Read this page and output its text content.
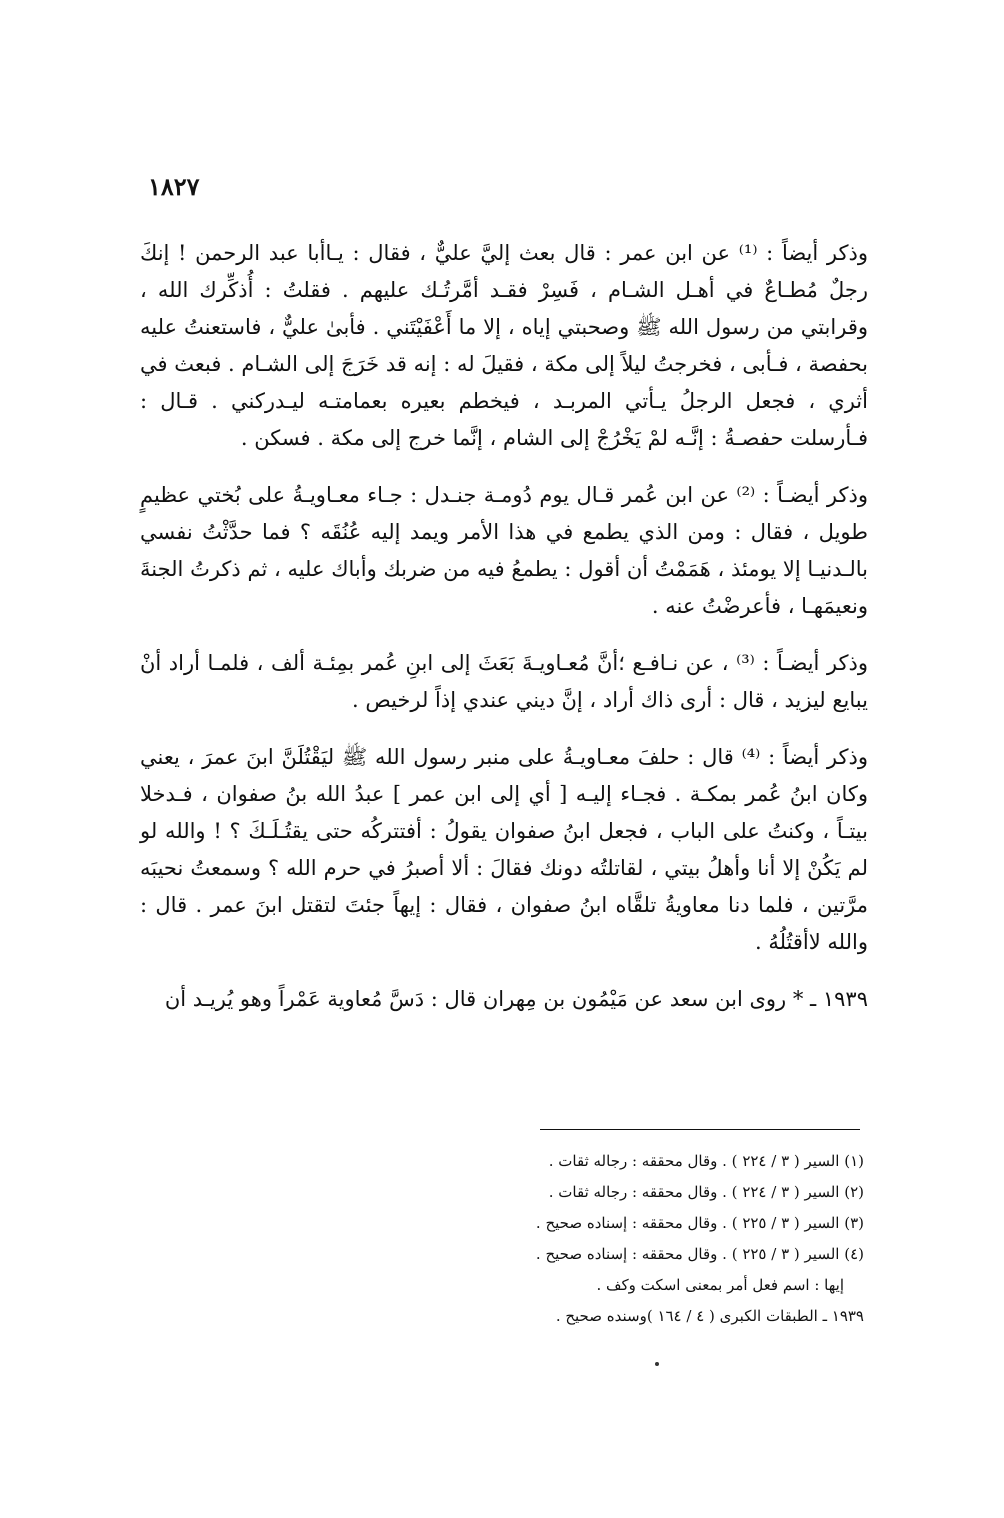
١٨٢٧

وذكر أيضاً : ⁽¹⁾ عن ابن عمر : قال بعث إليَّ عليٌّ ، فقال : يـاأبا عبد الرحمن ! إنكَ رجلٌ مُطـاعٌ في أهـل الشـام ، فَسِرْ فقـد أمَّرتُـك عليهم . فقلتُ : أُذكِّرك الله ، وقرابتي من رسول الله ﷺ وصحبتي إياه ، إلا ما أَعْفَيْتَني . فأبىٰ عليٌّ ، فاستعنتُ عليه بحفصة ، فـأبى ، فخرجتُ ليلاً إلى مكة ، فقيلَ له : إنه قد خَرَجَ إلى الشـام . فبعث في أثري ، فجعل الرجلُ يـأتي المربـد ، فيخطم بعيره بعمامتـه ليـدركني . قـال : فـأرسلت حفصـةُ : إنَّـه لمْ يَخْرُجْ إلى الشام ، إنَّما خرج إلى مكة . فسكن .

وذكر أيضـاً : ⁽²⁾ عن ابن عُمر قـال يوم دُومـة جنـدل : جـاء معـاويـةُ على بُختي عظيمٍ طويل ، فقال : ومن الذي يطمع في هذا الأمر ويمد إليه عُنُقَه ؟ فما حدَّثْتُ نفسي بالـدنيـا إلا يومئذ ، هَمَمْتُ أن أقول : يطمعُ فيه من ضربك وأباك عليه ، ثم ذكرتُ الجنةَ ونعيمَهـا ، فأعرضْتُ عنه .

وذكر أيضـاً : ⁽³⁾ ، عن نـافـع ؛أنَّ مُعـاويـةَ بَعَثَ إلى ابنِ عُمر بمِئـة ألف ، فلمـا أراد أنْ يبايع ليزيد ، قال : أرى ذاك أراد ، إنَّ ديني عندي إذاً لرخيص .

وذكر أيضاً : ⁽⁴⁾ قال : حلفَ معـاويـةُ على منبر رسول الله ﷺ ليَقْتُلَنَّ ابنَ عمرَ ، يعني وكان ابنُ عُمر بمكـة . فجـاء إليـه [ أي إلى ابن عمر ] عبدُ الله بنُ صفوان ، فـدخلا بيتـاً ، وكنتُ على الباب ، فجعل ابنُ صفوان يقولُ : أفتتركُه حتى يقتُـلَـكَ ؟ ! والله لو لم يَكُنْ إلا أنا وأهلُ بيتي ، لقاتلتُه دونك فقالَ : ألا أصبرُ في حرم الله ؟ وسمعتُ نحيبَه مرَّتين ، فلما دنا معاويةُ تلقَّاه ابنُ صفوان ، فقال : إيهاً جئتَ لتقتل ابنَ عمر . قال : والله لاأقتُلُهُ .

١٩٣٩ ـ * روى ابن سعد عن مَيْمُون بن مِهران قال : دَسَّ مُعاوية عَمْراً وهو يُريـد أن

(١) السير ( ٣ / ٢٢٤ ) . وقال محققه : رجاله ثقات .

(٢) السير ( ٣ / ٢٢٤ ) . وقال محققه : رجاله ثقات .

(٣) السير ( ٣ / ٢٢٥ ) . وقال محققه : إسناده صحيح .

(٤) السير ( ٣ / ٢٢٥ ) . وقال محققه : إسناده صحيح .

إيها : اسم فعل أمر بمعنى اسكت وكف .

١٩٣٩ ـ الطبقات الكبرى ( ٤ / ١٦٤ )وسنده صحيح .
